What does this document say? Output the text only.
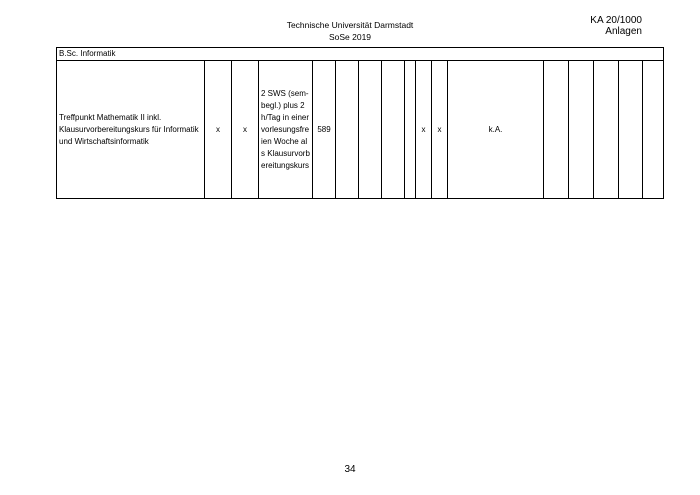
Technische Universität Darmstadt
SoSe 2019
KA 20/1000
Anlagen
B.Sc. Informatik
Treffpunkt Mathematik II inkl. Klausurvorbereitungskurs für Informatik und Wirtschaftsinformatik	x	x	2 SWS (sem-begl.) plus 2h/Tag in einer vorlesungsfreien Woche als Klausurvorbereitungskurs	589					x	x	k.A.					
34
